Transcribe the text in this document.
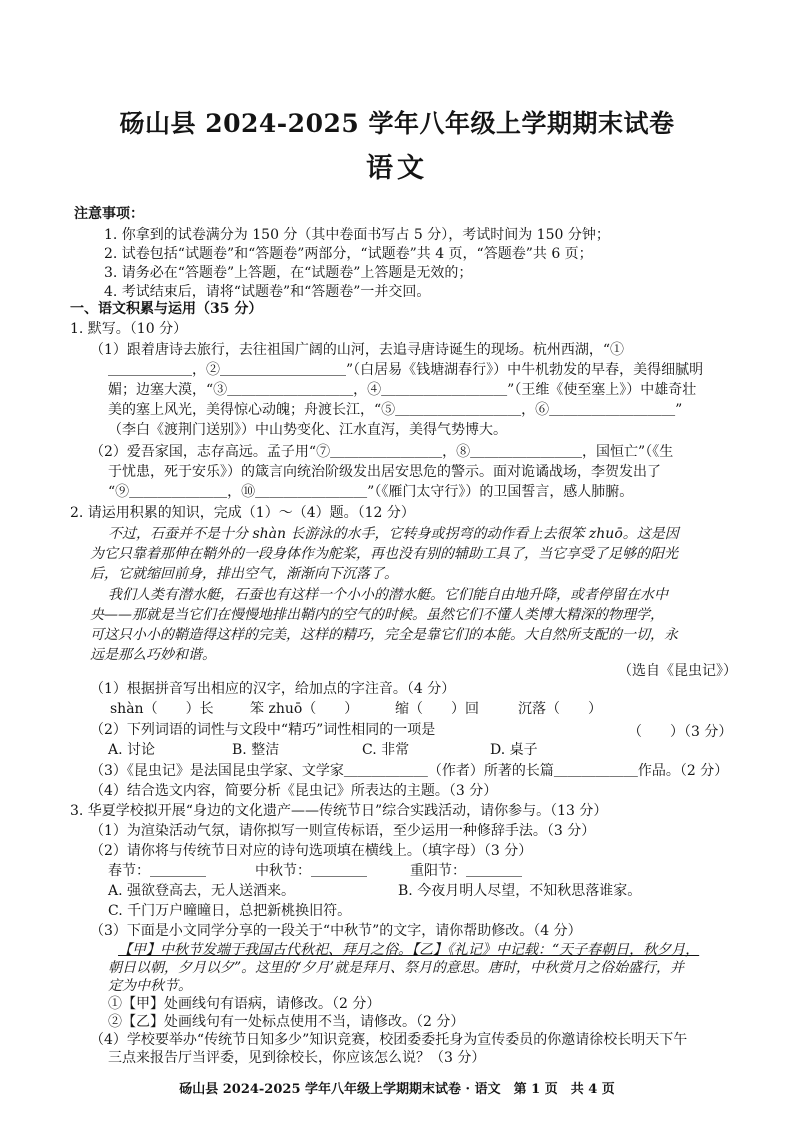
砀山县 2024-2025 学年八年级上学期期末试卷
语文
注意事项：
1. 你拿到的试卷满分为 150 分（其中卷面书写占 5 分），考试时间为 150 分钟；
2. 试卷包括“试题卷”和“答题卷”两部分，“试题卷”共 4 页，“答题卷”共 6 页；
3. 请务必在“答题卷”上答题，在“试题卷”上答题是无效的；
4. 考试结束后，请将“试题卷”和“答题卷”一并交回。
一、语文积累与运用（35 分）
1. 默写。（10 分）
（1）跟着唐诗去旅行，去往祖国广阔的山河，去追寻唐诗诞生的现场。杭州西湖，“①
＿＿＿＿＿＿，②＿＿＿＿＿＿＿＿＿”（白居易《钱塘湖春行》）中牛机勃发的早春，美得细腻明
媚；边塞大漠，“③＿＿＿＿＿＿＿＿＿，④＿＿＿＿＿＿＿＿＿”（王维《使至塞上》）中雄奇壮
美的塞上风光，美得惊心动魄；舟渡长江，“⑤＿＿＿＿＿＿＿＿＿，⑥＿＿＿＿＿＿＿＿＿”
（李白《渡荆门送别》）中山势变化、江水直泻，美得气势博大。
（2）爱吾家国，志存高远。孟子用“⑦＿＿＿＿＿＿＿＿，⑧＿＿＿＿＿＿＿＿，国恒亡”（《生
于忧患，死于安乐》）的箴言向统治阶级发出居安思危的警示。面对诡谲战场，李贺发出了
“⑨＿＿＿＿＿＿＿，⑩＿＿＿＿＿＿＿＿”（《雁门太守行》）的卫国誓言，感人肺腑。
2. 请运用积累的知识，完成（1）～（4）题。（12 分）
不过，石蚕并不是十分 shàn 长游泳的水手，它转身或拐弯的动作看上去很笨 zhuō。这是因
为它只靠着那伸在鞘外的一段身体作为舵桨，再也没有别的辅助工具了，当它享受了足够的阳光
后，它就缩回前身，排出空气，渐渐向下沉落了。
我们人类有潜水艇，石蚕也有这样一个小小的潜水艇。它们能自由地升降，或者停留在水中
央——那就是当它们在慢慢地排出鞘内的空气的时候。虽然它们不懂人类博大精深的物理学，
可这只小小的鞘造得这样的完美，这样的精巧，完全是靠它们的本能。大自然所支配的一切，永
远是那么巧妙和谐。
（选自《昆虫记》）
（1）根据拼音写出相应的汉字，给加点的字注音。（4 分）
shàn（　　）长	笨 zhuō（　　）	缩（　　）回	沉落（　　）
（2）下列词语的词性与文段中“精巧”词性相同的一项是	（　　）（3 分）
A. 讨论	B. 整洁	C. 非常	D. 桌子
（3）《昆虫记》是法国昆虫学家、文学家＿＿＿＿＿＿（作者）所著的长篇＿＿＿＿＿＿作品。（2 分）
（4）结合选文内容，简要分析《昆虫记》所表达的主题。（3 分）
3. 华夏学校拟开展“身边的文化遗产——传统节日”综合实践活动，请你参与。（13 分）
（1）为渲染活动气氛，请你拟写一则宣传标语，至少运用一种修辞手法。（3 分）
（2）请你将与传统节日对应的诗句选项填在横线上。（填字母）（3 分）
春节：＿＿＿＿	中秋节：＿＿＿＿	重阳节：＿＿＿＿
A. 强欲登高去，无人送酒来。	B. 今夜月明人尽望，不知秋思落谁家。
C. 千门万户曈曈日，总把新桃换旧符。
（3）下面是小文同学分享的一段关于“中秋节”的文字，请你帮助修改。（4 分）
【甲】中秋节发端于我国古代秋祀、拜月之俗。【乙】《礼记》中记载：“天子春朝日，秋夕月，
朝日以朝，夕月以夕”。这里的‘夕月’就是拜月、祭月的意思。唐时，中秋赏月之俗始盛行，并
定为中秋节。
①【甲】处画线句有语病，请修改。（2 分）
②【乙】处画线句有一处标点使用不当，请修改。（2 分）
砀山县 2024-2025 学年八年级上学期期末试卷 · 语文　第 1 页　共 4 页
（4）学校要举办“传统节日知多少”知识竞赛，校团委委托身为宣传委员的你邀请徐校长明天下午
三点来报告厅当评委，见到徐校长，你应该怎么说？（3 分）
